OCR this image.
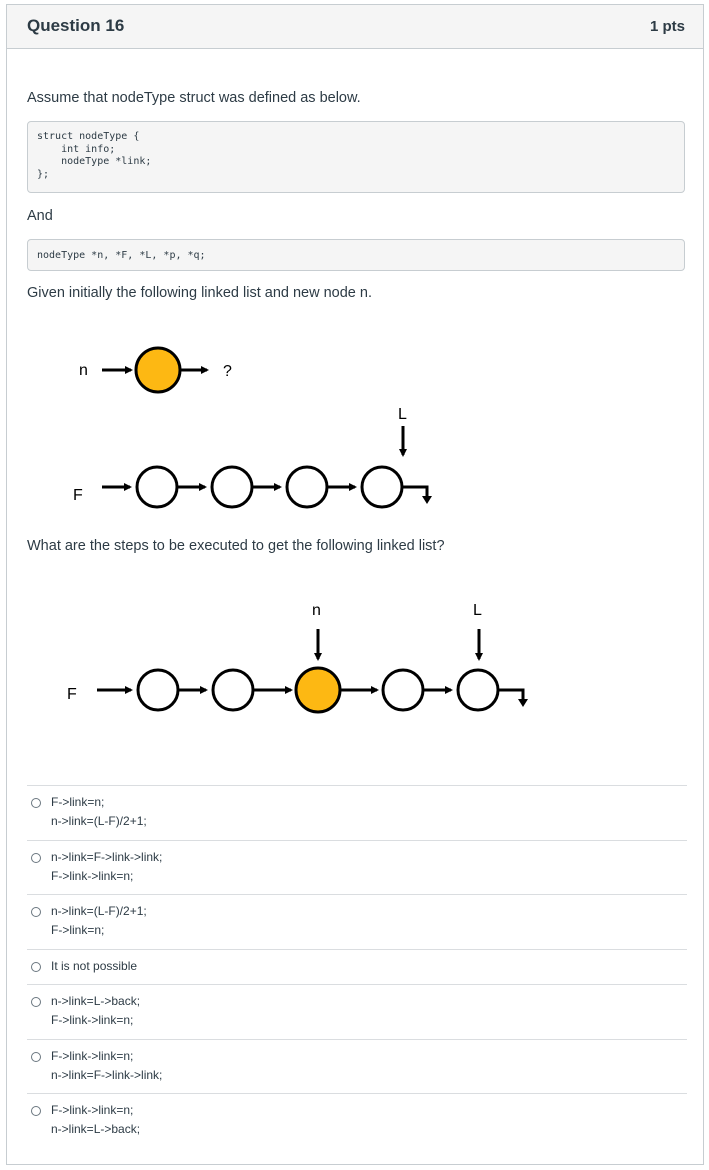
Question 16	1 pts
Assume that nodeType struct was defined as below.
struct nodeType {
int info;
nodeType *link;
};
And
nodeType *n, *F, *L, *p, *q;
Given initially the following linked list and new node n.
n	?
L
F
What are the steps to be executed to get the following linked list?
n	L
F
F->link=n;
n->link=(L-F)/2+1;
n->link=F->link->link;
F->link->link=n;
n->link=(L-F)/2+1;
F->link=n;
It is not possible
n->link=L->back;
F->link->link=n;
F->link->link=n;
n->link=F->link->link;
F->link->link=n;
n->link=L->back;
